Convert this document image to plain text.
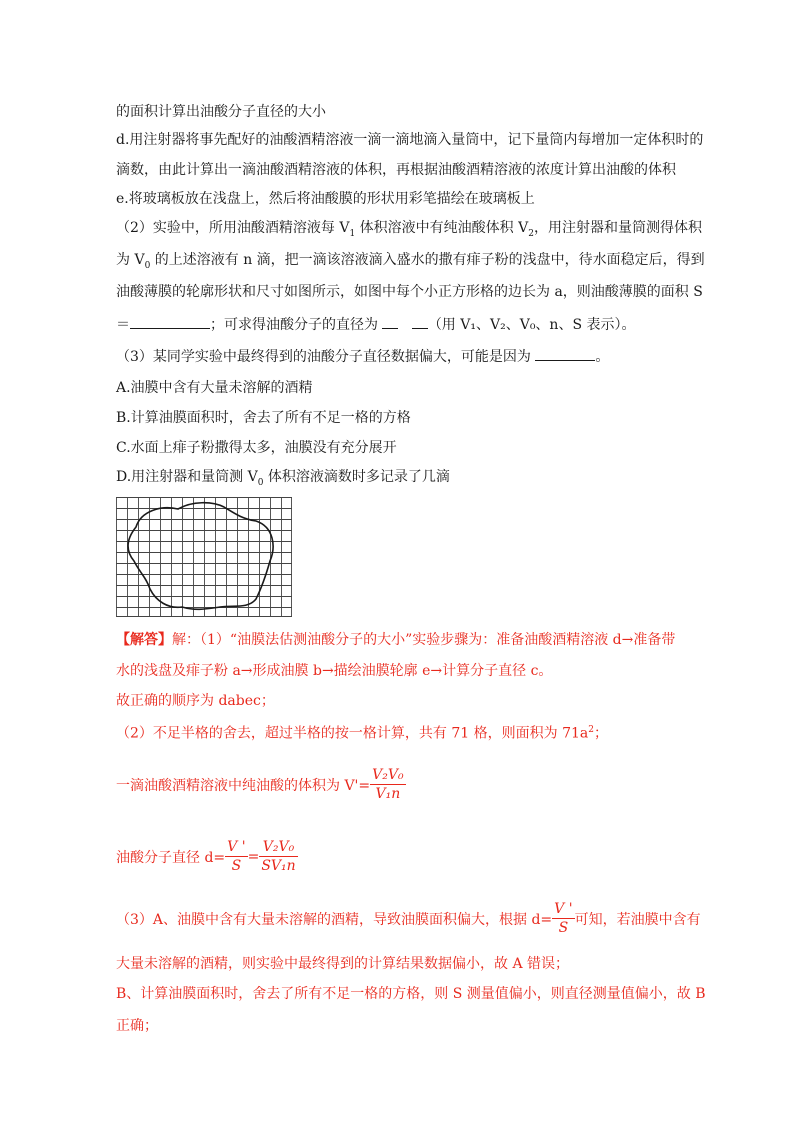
的面积计算出油酸分子直径的大小
d.用注射器将事先配好的油酸酒精溶液一滴一滴地滴入量筒中，记下量筒内每增加一定体积时的
滴数，由此计算出一滴油酸酒精溶液的体积，再根据油酸酒精溶液的浓度计算出油酸的体积
e.将玻璃板放在浅盘上，然后将油酸膜的形状用彩笔描绘在玻璃板上
（2）实验中，所用油酸酒精溶液每 $V_1$ 体积溶液中有纯油酸体积 $V_2$，用注射器和量筒测得体积
为 $V_0$ 的上述溶液有 n 滴，把一滴该溶液滴入盛水的撒有痱子粉的浅盘中，待水面稳定后，得到
油酸薄膜的轮廓形状和尺寸如图所示，如图中每个小正方形格的边长为 a，则油酸薄膜的面积 S
＝	；可求得油酸分子的直径为	（用 V₁、V₂、V₀、n、S 表示）。
（3）某同学实验中最终得到的油酸分子直径数据偏大，可能是因为	。
A.油膜中含有大量未溶解的酒精
B.计算油膜面积时，舍去了所有不足一格的方格
C.水面上痱子粉撒得太多，油膜没有充分展开
D.用注射器和量筒测 $V_0$ 体积溶液滴数时多记录了几滴
【解答】解：（1）“油膜法估测油酸分子的大小”实验步骤为：准备油酸酒精溶液 d→准备带
水的浅盘及痱子粉 a→形成油膜 b→描绘油膜轮廓 e→计算分子直径 c。
故正确的顺序为 dabec；
（2）不足半格的舍去，超过半格的按一格计算，共有 71 格，则面积为 $71a^2$；
一滴油酸酒精溶液中纯油酸的体积为 $V'= \frac{\text{V₂V₀}}{\text{V₁n}}$
油酸分子直径 $d= \frac{V '}{S} = \frac{\text{V₂V₀}}{\text{SV₁n}}$
（3）A、油膜中含有大量未溶解的酒精，导致油膜面积偏大，根据 $d= \frac{V '}{S}$ 可知，若油膜中含有
大量未溶解的酒精，则实验中最终得到的计算结果数据偏小，故 A 错误；
B、计算油膜面积时，舍去了所有不足一格的方格，则 S 测量值偏小，则直径测量值偏小，故 B
正确；
